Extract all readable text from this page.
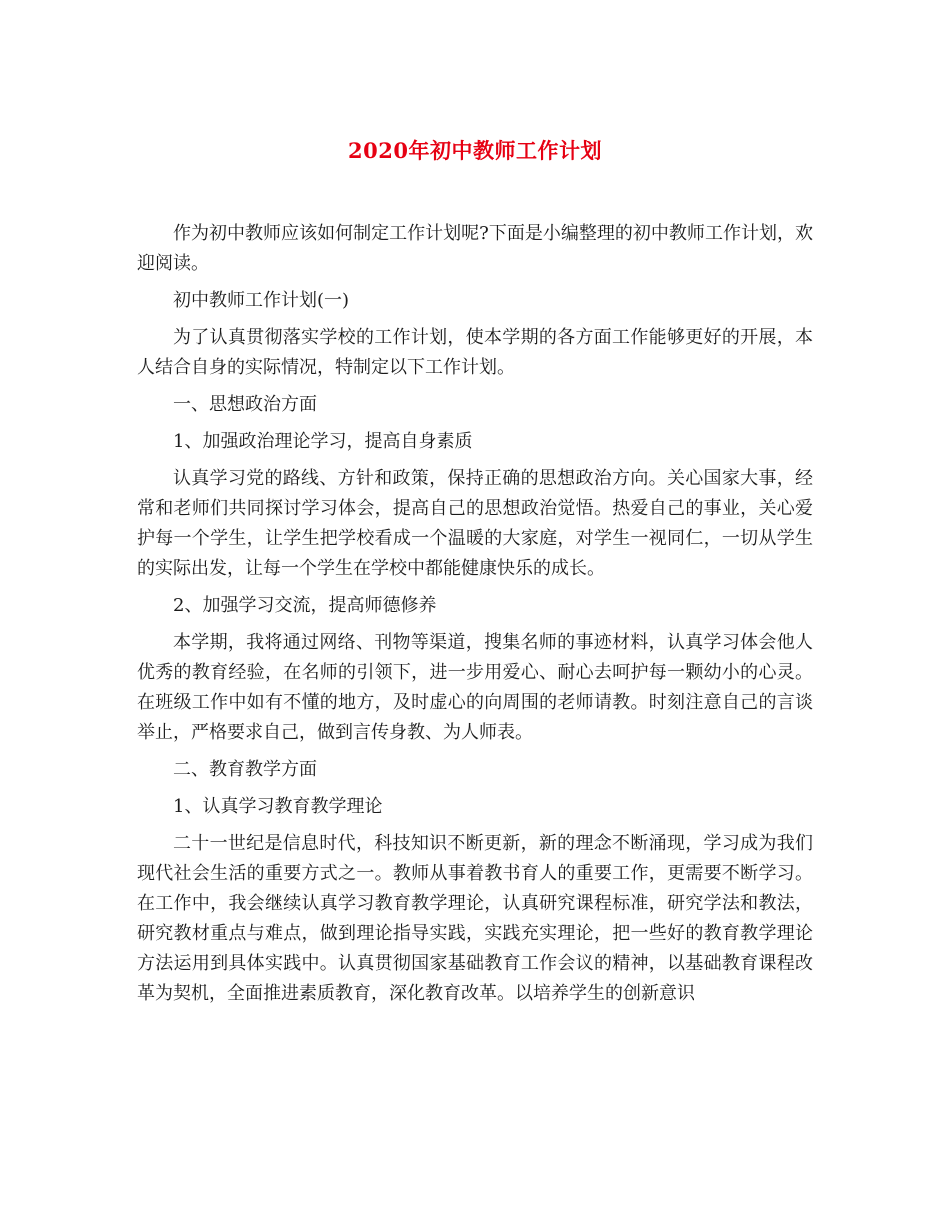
2020年初中教师工作计划

作为初中教师应该如何制定工作计划呢?下面是小编整理的初中教师工作计划，欢迎阅读。

初中教师工作计划(一)

为了认真贯彻落实学校的工作计划，使本学期的各方面工作能够更好的开展，本人结合自身的实际情况，特制定以下工作计划。

一、思想政治方面

1、加强政治理论学习，提高自身素质

认真学习党的路线、方针和政策，保持正确的思想政治方向。关心国家大事，经常和老师们共同探讨学习体会，提高自己的思想政治觉悟。热爱自己的事业，关心爱护每一个学生，让学生把学校看成一个温暖的大家庭，对学生一视同仁，一切从学生的实际出发，让每一个学生在学校中都能健康快乐的成长。

2、加强学习交流，提高师德修养

本学期，我将通过网络、刊物等渠道，搜集名师的事迹材料，认真学习体会他人优秀的教育经验，在名师的引领下，进一步用爱心、耐心去呵护每一颗幼小的心灵。在班级工作中如有不懂的地方，及时虚心的向周围的老师请教。时刻注意自己的言谈举止，严格要求自己，做到言传身教、为人师表。

二、教育教学方面

1、认真学习教育教学理论

二十一世纪是信息时代，科技知识不断更新，新的理念不断涌现，学习成为我们现代社会生活的重要方式之一。教师从事着教书育人的重要工作，更需要不断学习。在工作中，我会继续认真学习教育教学理论，认真研究课程标准，研究学法和教法，研究教材重点与难点，做到理论指导实践，实践充实理论，把一些好的教育教学理论方法运用到具体实践中。认真贯彻国家基础教育工作会议的精神，以基础教育课程改革为契机，全面推进素质教育，深化教育改革。以培养学生的创新意识
